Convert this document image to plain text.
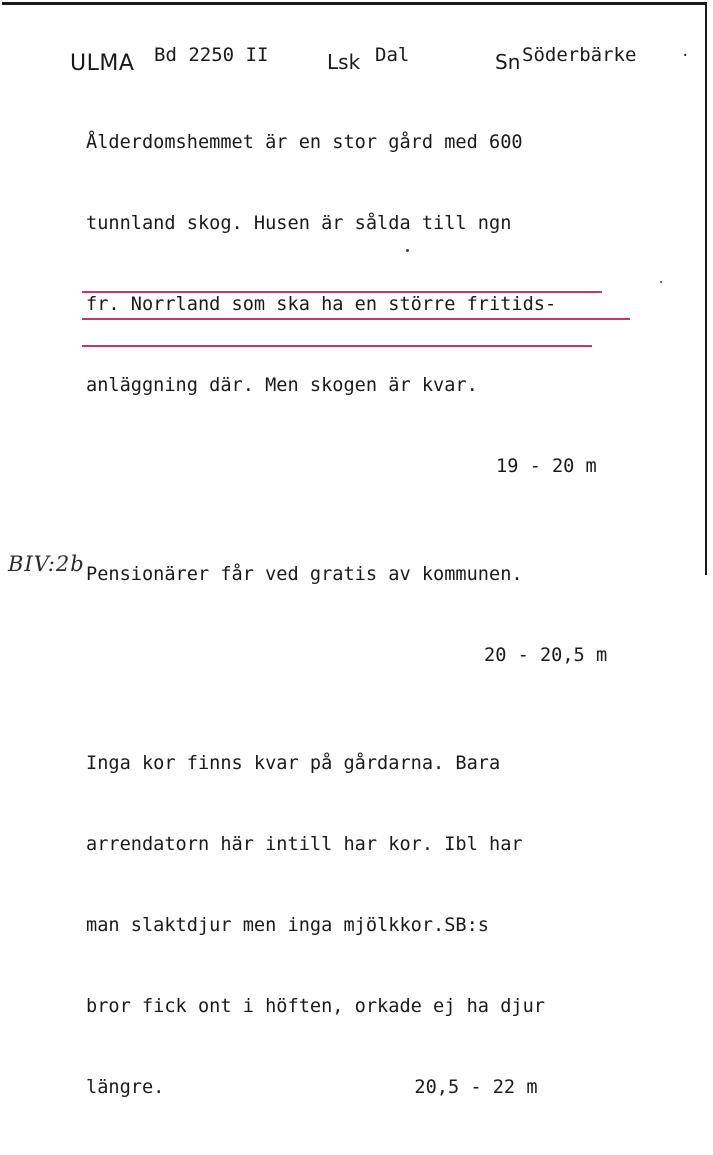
ULMA Bd 2250 II	Lsk Dal	Sn Söderbärke	·

Ålderdomshemmet är en stor gård med 600

tunnland skog. Husen är sålda till ngn

fr. Norrland som ska ha en större fritids-

anläggning där. Men skogen är kvar.

19 - 20 m

Pensionärer får ved gratis av kommunen.

20 - 20,5 m

Inga kor finns kvar på gårdarna. Bara

arrendatorn här intill har kor. Ibl har

man slaktdjur men inga mjölkkor.SB:s

bror fick ont i höften, orkade ej ha djur

längre.	20,5 - 22 m

BIV:2b
